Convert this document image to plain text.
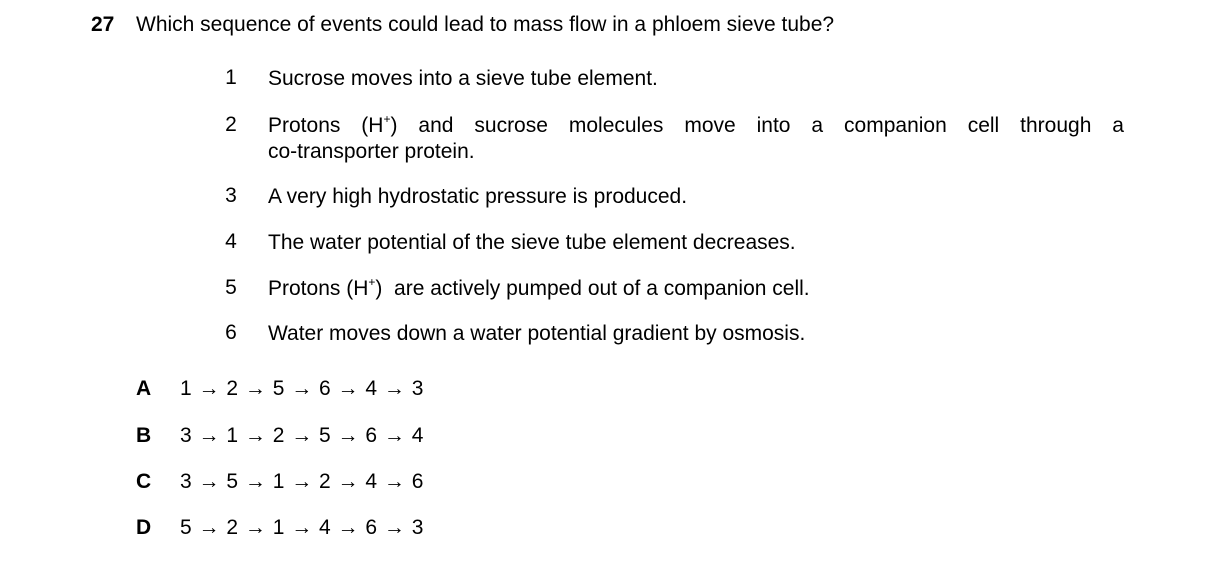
27 Which sequence of events could lead to mass flow in a phloem sieve tube?
1 Sucrose moves into a sieve tube element.
2 Protons (H+) and sucrose molecules move into a companion cell through a
co-transporter protein.
3 A very high hydrostatic pressure is produced.
4 The water potential of the sieve tube element decreases.
5 Protons (H+)  are actively pumped out of a companion cell.
6 Water moves down a water potential gradient by osmosis.
A 1 → 2 → 5 → 6 → 4 → 3
B 3 → 1 → 2 → 5 → 6 → 4
C 3 → 5 → 1 → 2 → 4 → 6
D 5 → 2 → 1 → 4 → 6 → 3
